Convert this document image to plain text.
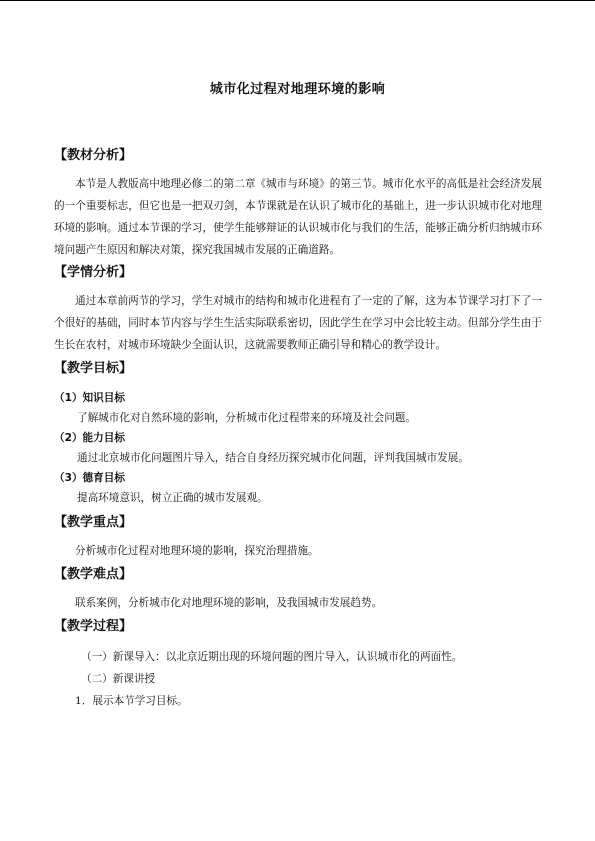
城市化过程对地理环境的影响
【教材分析】

本节是人教版高中地理必修二的第二章《城市与环境》的第三节。城市化水平的高低是社会经济发展的一个重要标志，但它也是一把双刃剑，本节课就是在认识了城市化的基础上，进一步认识城市化对地理环境的影响。通过本节课的学习，使学生能够辩证的认识城市化与我们的生活，能够正确分析归纳城市环境问题产生原因和解决对策，探究我国城市发展的正确道路。

【学情分析】

通过本章前两节的学习，学生对城市的结构和城市化进程有了一定的了解，这为本节课学习打下了一个很好的基础，同时本节内容与学生生活实际联系密切，因此学生在学习中会比较主动。但部分学生由于生长在农村，对城市环境缺少全面认识，这就需要教师正确引导和精心的教学设计。

【教学目标】
（1）知识目标

了解城市化对自然环境的影响，分析城市化过程带来的环境及社会问题。

（2）能力目标

通过北京城市化问题图片导入，结合自身经历探究城市化问题，评判我国城市发展。

（3）德育目标

提高环境意识，树立正确的城市发展观。

【教学重点】

分析城市化过程对地理环境的影响，探究治理措施。

【教学难点】

联系案例，分析城市化对地理环境的影响，及我国城市发展趋势。

【教学过程】

（一）新课导入：以北京近期出现的环境问题的图片导入，认识城市化的两面性。

（二）新课讲授

1．展示本节学习目标。
